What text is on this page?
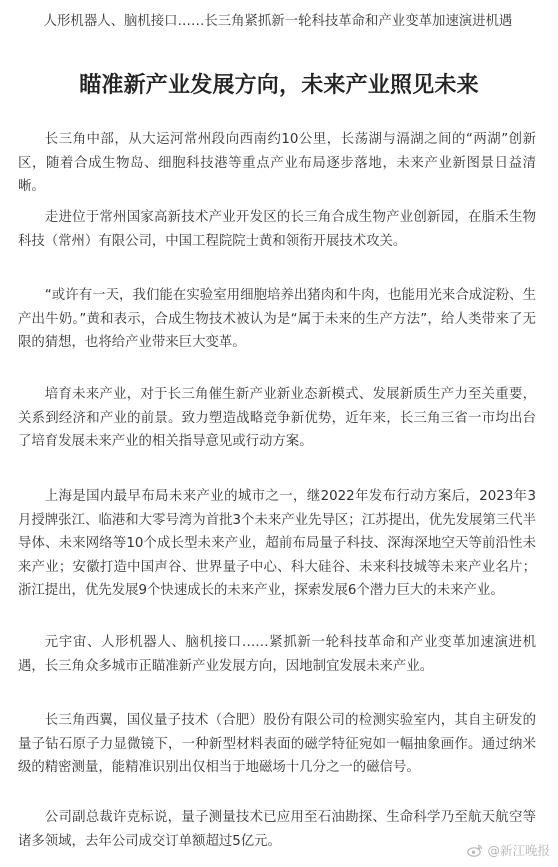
人形机器人、脑机接口……长三角紧抓新一轮科技革命和产业变革加速演进机遇
瞄准新产业发展方向，未来产业照见未来

长三角中部，从大运河常州段向西南约10公里，长荡湖与滆湖之间的“两湖”创新区，随着合成生物岛、细胞科技港等重点产业布局逐步落地，未来产业新图景日益清晰。

走进位于常州国家高新技术产业开发区的长三角合成生物产业创新园，在脂禾生物科技（常州）有限公司，中国工程院院士黄和领衔开展技术攻关。

“或许有一天，我们能在实验室用细胞培养出猪肉和牛肉，也能用光来合成淀粉、生产出牛奶。”黄和表示，合成生物技术被认为是“属于未来的生产方法”，给人类带来了无限的猜想，也将给产业带来巨大变革。

培育未来产业，对于长三角催生新产业新业态新模式、发展新质生产力至关重要，关系到经济和产业的前景。致力塑造战略竞争新优势，近年来，长三角三省一市均出台了培育发展未来产业的相关指导意见或行动方案。

上海是国内最早布局未来产业的城市之一，继2022年发布行动方案后，2023年3月授牌张江、临港和大零号湾为首批3个未来产业先导区；江苏提出，优先发展第三代半导体、未来网络等10个成长型未来产业，超前布局量子科技、深海深地空天等前沿性未来产业；安徽打造中国声谷、世界量子中心、科大硅谷、未来科技城等未来产业名片；浙江提出，优先发展9个快速成长的未来产业，探索发展6个潜力巨大的未来产业。

元宇宙、人形机器人、脑机接口……紧抓新一轮科技革命和产业变革加速演进机遇，长三角众多城市正瞄准新产业发展方向，因地制宜发展未来产业。

长三角西翼，国仪量子技术（合肥）股份有限公司的检测实验室内，其自主研发的量子钻石原子力显微镜下，一种新型材料表面的磁学特征宛如一幅抽象画作。通过纳米级的精密测量，能精准识别出仅相当于地磁场十几分之一的磁信号。

公司副总裁许克标说，量子测量技术已应用至石油勘探、生命科学乃至航天航空等诸多领域，去年公司成交订单额超过5亿元。

@新江晚报
